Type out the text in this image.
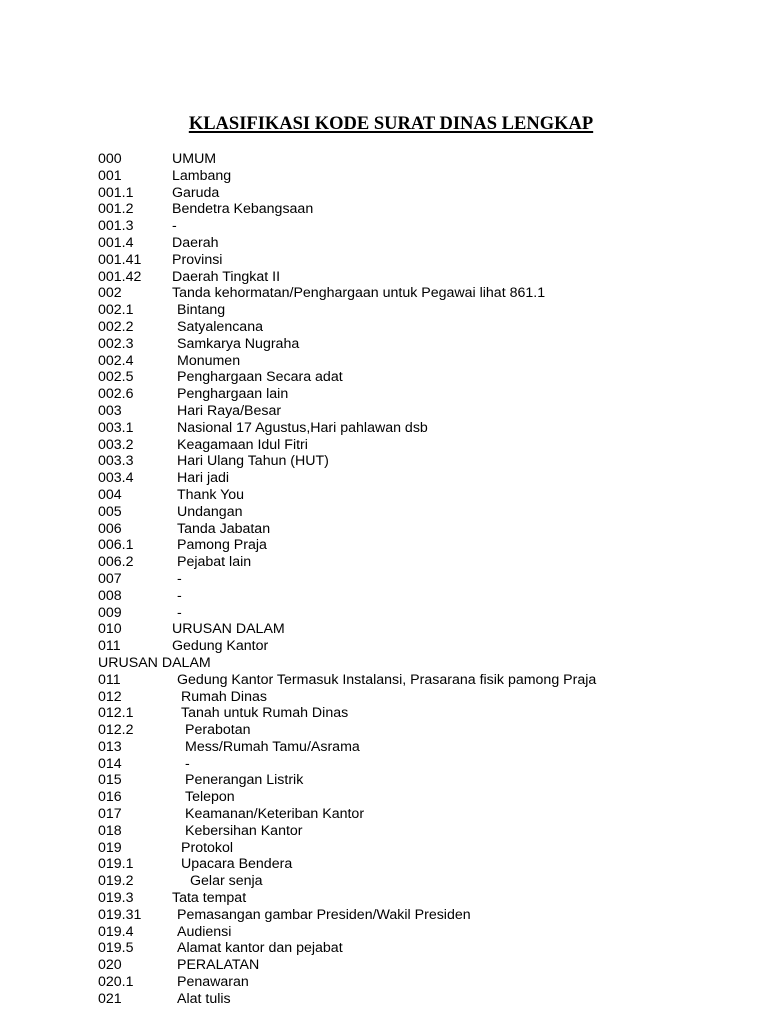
KLASIFIKASI KODE SURAT DINAS LENGKAP
000	UMUM
001	Lambang
001.1	Garuda
001.2	Bendetra Kebangsaan
001.3	-
001.4	Daerah
001.41 Provinsi
001.42 Daerah Tingkat II
002	Tanda kehormatan/Penghargaan untuk Pegawai lihat 861.1
002.1	Bintang
002.2	Satyalencana
002.3	Samkarya Nugraha
002.4	Monumen
002.5	Penghargaan Secara adat
002.6	Penghargaan lain
003	Hari Raya/Besar
003.1	Nasional 17 Agustus,Hari pahlawan dsb
003.2	Keagamaan Idul Fitri
003.3	Hari Ulang Tahun (HUT)
003.4	Hari jadi
004	Thank You
005	Undangan
006	Tanda Jabatan
006.1	Pamong Praja
006.2	Pejabat lain
007	-
008	-
009	-
010	URUSAN DALAM
011	Gedung Kantor
URUSAN DALAM
011	Gedung Kantor Termasuk Instalansi, Prasarana fisik pamong Praja
012	Rumah Dinas
012.1	Tanah untuk Rumah Dinas
012.2	Perabotan
013	Mess/Rumah Tamu/Asrama
014	-
015	Penerangan Listrik
016	Telepon
017	Keamanan/Keteriban Kantor
018	Kebersihan Kantor
019	Protokol
019.1	Upacara Bendera
019.2	Gelar senja
019.3	Tata tempat
019.31	Pemasangan gambar Presiden/Wakil Presiden
019.4	Audiensi
019.5	Alamat kantor dan pejabat
020	PERALATAN
020.1	Penawaran
021	Alat tulis
